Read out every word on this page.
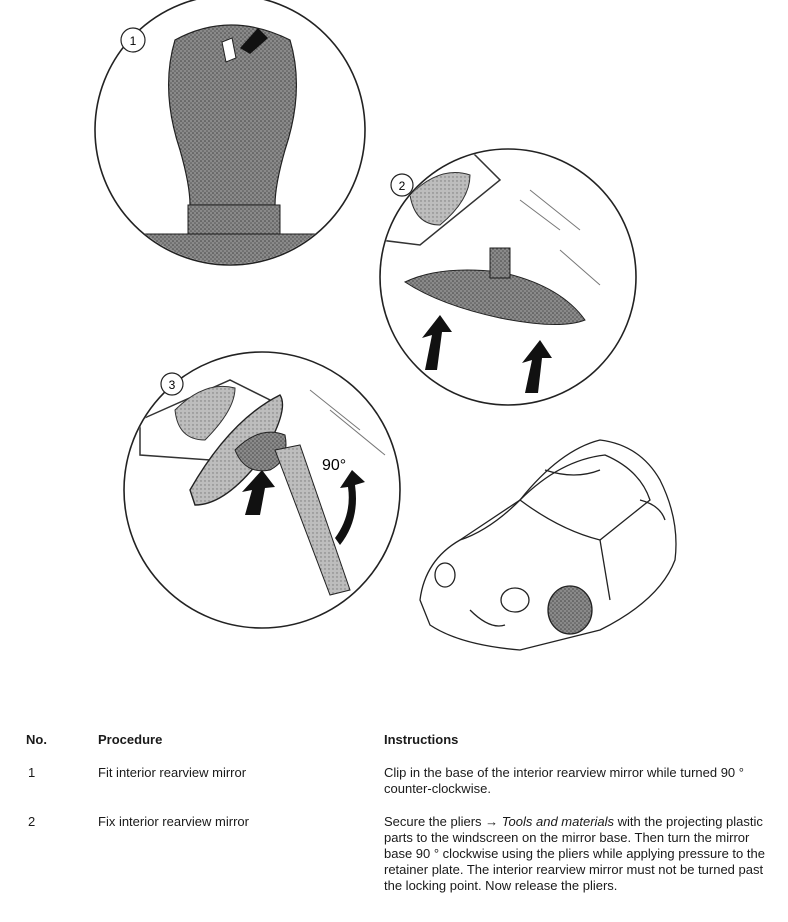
1
2
3
90°
No.	Procedure	Instructions
1	Fit interior rearview mirror	Clip in the base of the interior rearview mirror while turned 90 ° counter-clockwise.
2	Fix interior rearview mirror	Secure the pliers → Tools and materials with the projecting plastic parts to the windscreen on the mirror base. Then turn the mirror base 90 ° clockwise using the pliers while applying pressure to the retainer plate. The interior rearview mirror must not be turned past the locking point. Now release the pliers.
